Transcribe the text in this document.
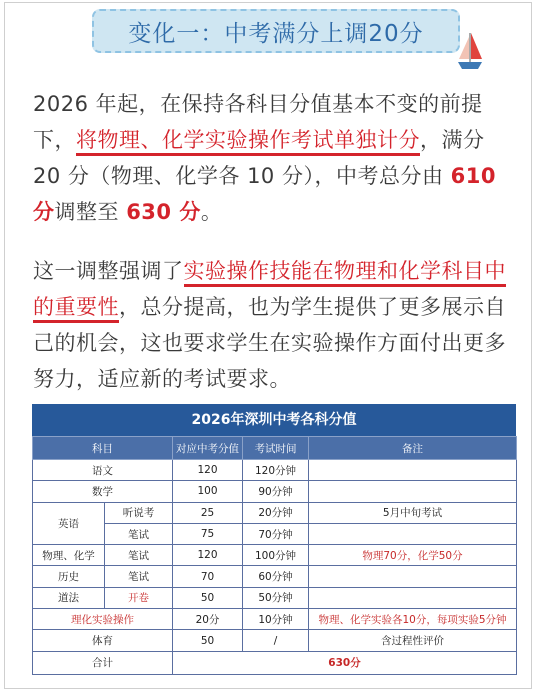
变化一：中考满分上调20分
2026 年起，在保持各科目分值基本不变的前提下，将物理、化学实验操作考试单独计分，满分 20 分（物理、化学各 10 分），中考总分由 610 分调整至 630 分。
这一调整强调了实验操作技能在物理和化学科目中的重要性，总分提高，也为学生提供了更多展示自己的机会，这也要求学生在实验操作方面付出更多努力，适应新的考试要求。
2026年深圳中考各科分值
科目		对应中考分值	考试时间	备注
语文		120	120分钟	
数学		100	90分钟	
英语	听说考	25	20分钟	5月中旬考试
	笔试	75	70分钟	
物理、化学	笔试	120	100分钟	物理70分，化学50分
历史	笔试	70	60分钟	
道法	开卷	50	50分钟	
理化实验操作		20分	10分钟	物理、化学实验各10分，每项实验5分钟
体育		50	/	含过程性评价
合计		630分		
